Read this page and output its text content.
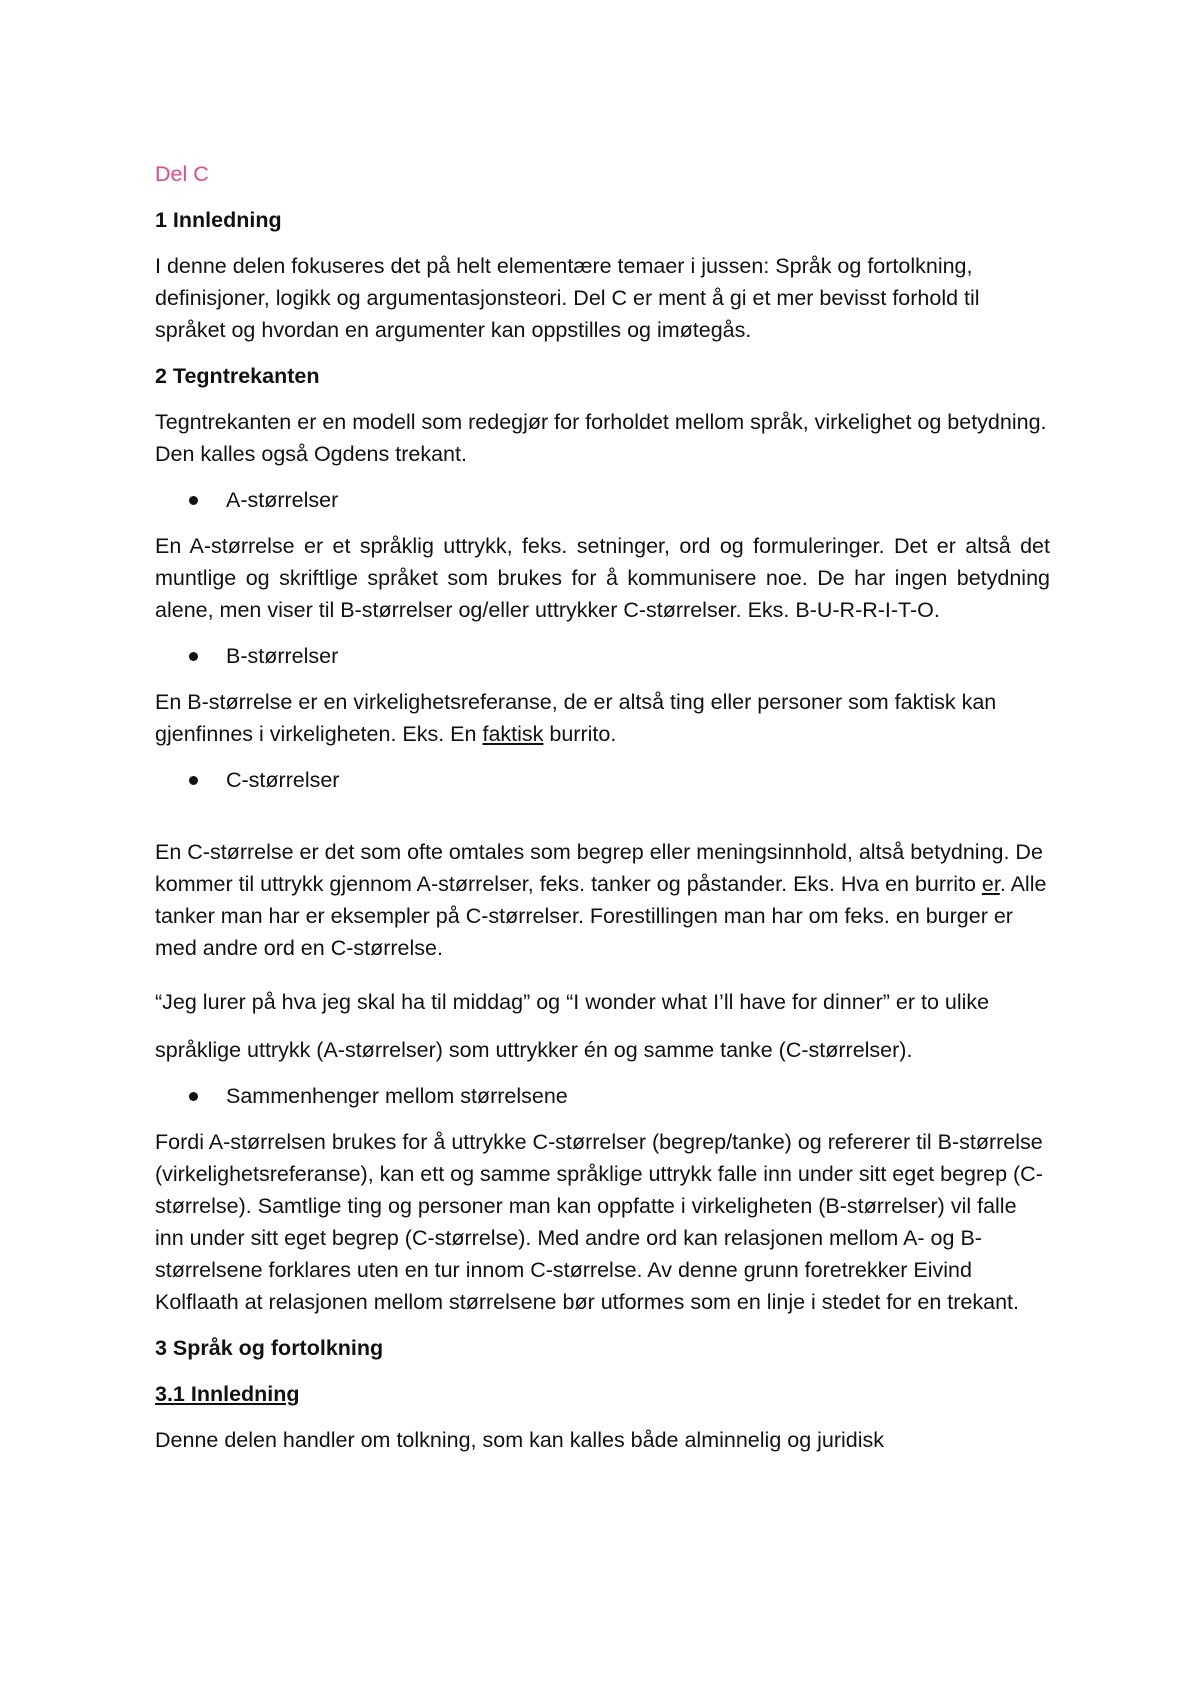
Del C

1 Innledning

I denne delen fokuseres det på helt elementære temaer i jussen: Språk og fortolkning, definisjoner, logikk og argumentasjonsteori. Del C er ment å gi et mer bevisst forhold til språket og hvordan en argumenter kan oppstilles og imøtegås.

2 Tegntrekanten

Tegntrekanten er en modell som redegjør for forholdet mellom språk, virkelighet og betydning. Den kalles også Ogdens trekant.

A-størrelser

En A-størrelse er et språklig uttrykk, feks. setninger, ord og formuleringer. Det er altså det muntlige og skriftlige språket som brukes for å kommunisere noe. De har ingen betydning alene, men viser til B-størrelser og/eller uttrykker C-størrelser. Eks. B-U-R-R-I-T-O.

B-størrelser

En B-størrelse er en virkelighetsreferanse, de er altså ting eller personer som faktisk kan gjenfinnes i virkeligheten. Eks. En faktisk burrito.

C-størrelser

En C-størrelse er det som ofte omtales som begrep eller meningsinnhold, altså betydning. De kommer til uttrykk gjennom A-størrelser, feks. tanker og påstander. Eks. Hva en burrito er. Alle tanker man har er eksempler på C-størrelser. Forestillingen man har om feks. en burger er med andre ord en C-størrelse.

“Jeg lurer på hva jeg skal ha til middag” og “I wonder what I’ll have for dinner” er to ulike språklige uttrykk (A-størrelser) som uttrykker én og samme tanke (C-størrelser).

Sammenhenger mellom størrelsene

Fordi A-størrelsen brukes for å uttrykke C-størrelser (begrep/tanke) og refererer til B-størrelse (virkelighetsreferanse), kan ett og samme språklige uttrykk falle inn under sitt eget begrep (C-størrelse). Samtlige ting og personer man kan oppfatte i virkeligheten (B-størrelser) vil falle inn under sitt eget begrep (C-størrelse). Med andre ord kan relasjonen mellom A- og B-størrelsene forklares uten en tur innom C-størrelse. Av denne grunn foretrekker Eivind Kolflaath at relasjonen mellom størrelsene bør utformes som en linje i stedet for en trekant.

3 Språk og fortolkning

3.1 Innledning

Denne delen handler om tolkning, som kan kalles både alminnelig og juridisk
